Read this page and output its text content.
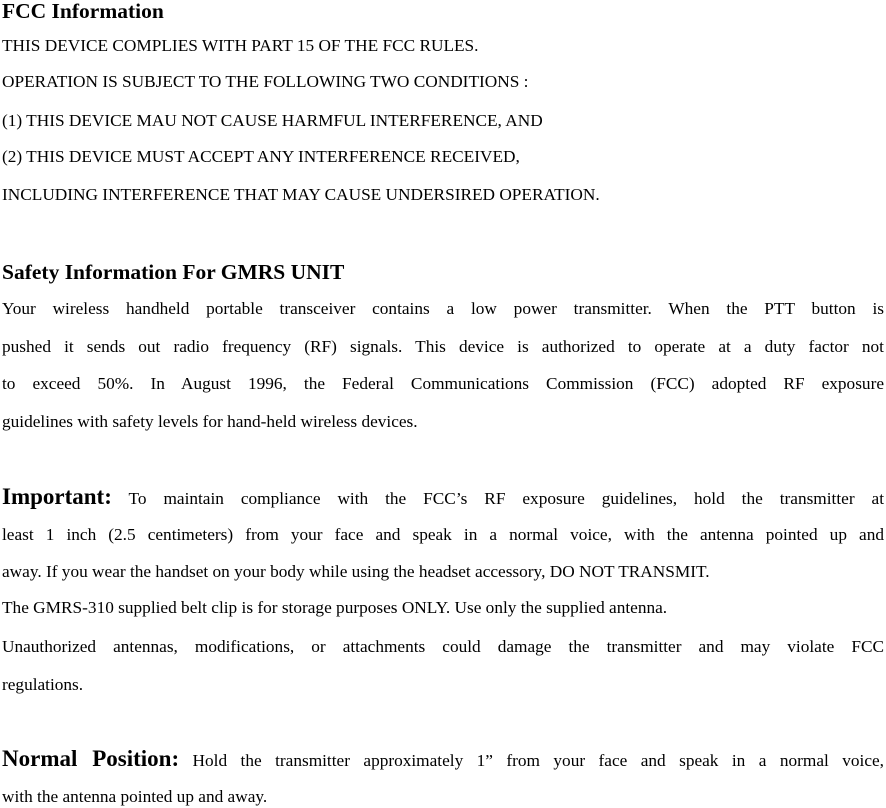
FCC Information
THIS DEVICE COMPLIES WITH PART 15 OF THE FCC RULES.
OPERATION IS SUBJECT TO THE FOLLOWING TWO CONDITIONS :
(1) THIS DEVICE MAU NOT CAUSE HARMFUL INTERFERENCE, AND
(2) THIS DEVICE MUST ACCEPT ANY INTERFERENCE RECEIVED,
INCLUDING INTERFERENCE THAT MAY CAUSE UNDERSIRED OPERATION.
Safety Information For GMRS UNIT
Your wireless handheld portable transceiver contains a low power transmitter. When the PTT button is
pushed it sends out radio frequency (RF) signals. This device is authorized to operate at a duty factor not
to exceed 50%. In August 1996, the Federal Communications Commission (FCC) adopted RF exposure
guidelines with safety levels for hand-held wireless devices.
Important: To maintain compliance with the FCC’s RF exposure guidelines, hold the transmitter at
least 1 inch (2.5 centimeters) from your face and speak in a normal voice, with the antenna pointed up and
away. If you wear the handset on your body while using the headset accessory, DO NOT TRANSMIT.
The GMRS-310 supplied belt clip is for storage purposes ONLY. Use only the supplied antenna.
Unauthorized antennas, modifications, or attachments could damage the transmitter and may violate FCC
regulations.
Normal Position: Hold the transmitter approximately 1” from your face and speak in a normal voice,
with the antenna pointed up and away.
